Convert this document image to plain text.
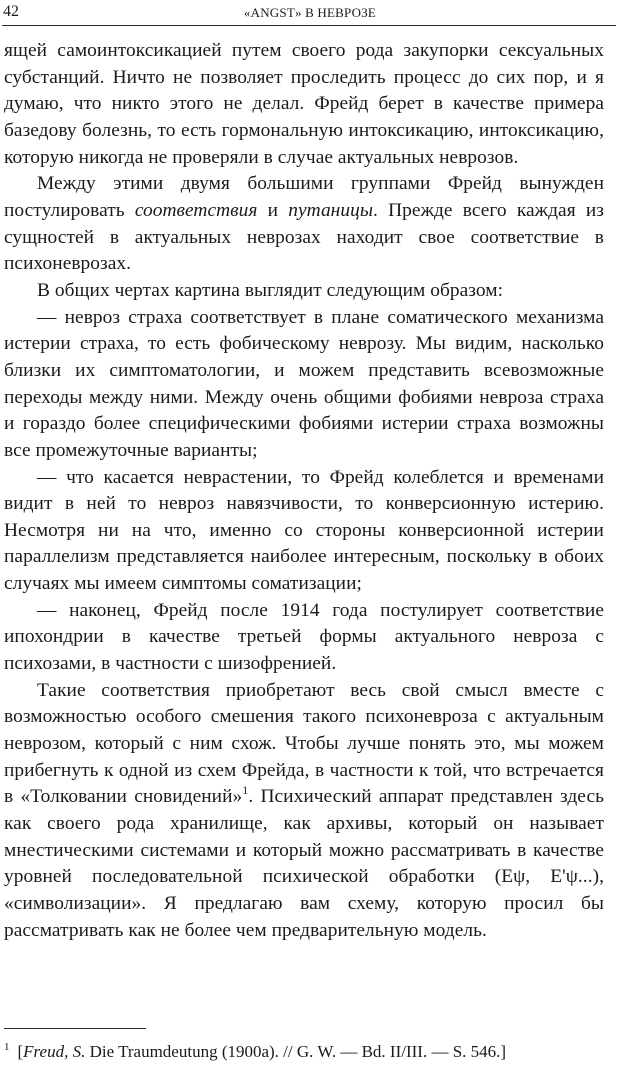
42	«ANGST» В НЕВРОЗЕ

ящей самоинтоксикацией путем своего рода закупорки сексуальных субстанций. Ничто не позволяет проследить процесс до сих пор, и я думаю, что никто этого не делал. Фрейд берет в качестве примера базедову болезнь, то есть гормональную интоксикацию, интоксикацию, которую никогда не проверяли в случае актуальных неврозов.

Между этими двумя большими группами Фрейд вынужден постулировать соответствия и путаницы. Прежде всего каждая из сущностей в актуальных неврозах находит свое соответствие в психоневрозах.

В общих чертах картина выглядит следующим образом:

— невроз страха соответствует в плане соматического механизма истерии страха, то есть фобическому неврозу. Мы видим, насколько близки их симптоматологии, и можем представить всевозможные переходы между ними. Между очень общими фобиями невроза страха и гораздо более специфическими фобиями истерии страха возможны все промежуточные варианты;

— что касается неврастении, то Фрейд колеблется и временами видит в ней то невроз навязчивости, то конверсионную истерию. Несмотря ни на что, именно со стороны конверсионной истерии параллелизм представляется наиболее интересным, поскольку в обоих случаях мы имеем симптомы соматизации;

— наконец, Фрейд после 1914 года постулирует соответствие ипохондрии в качестве третьей формы актуального невроза с психозами, в частности с шизофренией.

Такие соответствия приобретают весь свой смысл вместе с возможностью особого смешения такого психоневроза с актуальным неврозом, который с ним схож. Чтобы лучше понять это, мы можем прибегнуть к одной из схем Фрейда, в частности к той, что встречается в «Толковании сновидений»$^1$. Психический аппарат представлен здесь как своего рода хранилище, как архивы, который он называет мнестическими системами и который можно рассматривать в качестве уровней последовательной психической обработки (Eψ, E'ψ...), «символизации». Я предлагаю вам схему, которую просил бы рассматривать как не более чем предварительную модель.

$^1$ [Freud, S. Die Traumdeutung (1900a). // G. W. — Bd. II/III. — S. 546.]
